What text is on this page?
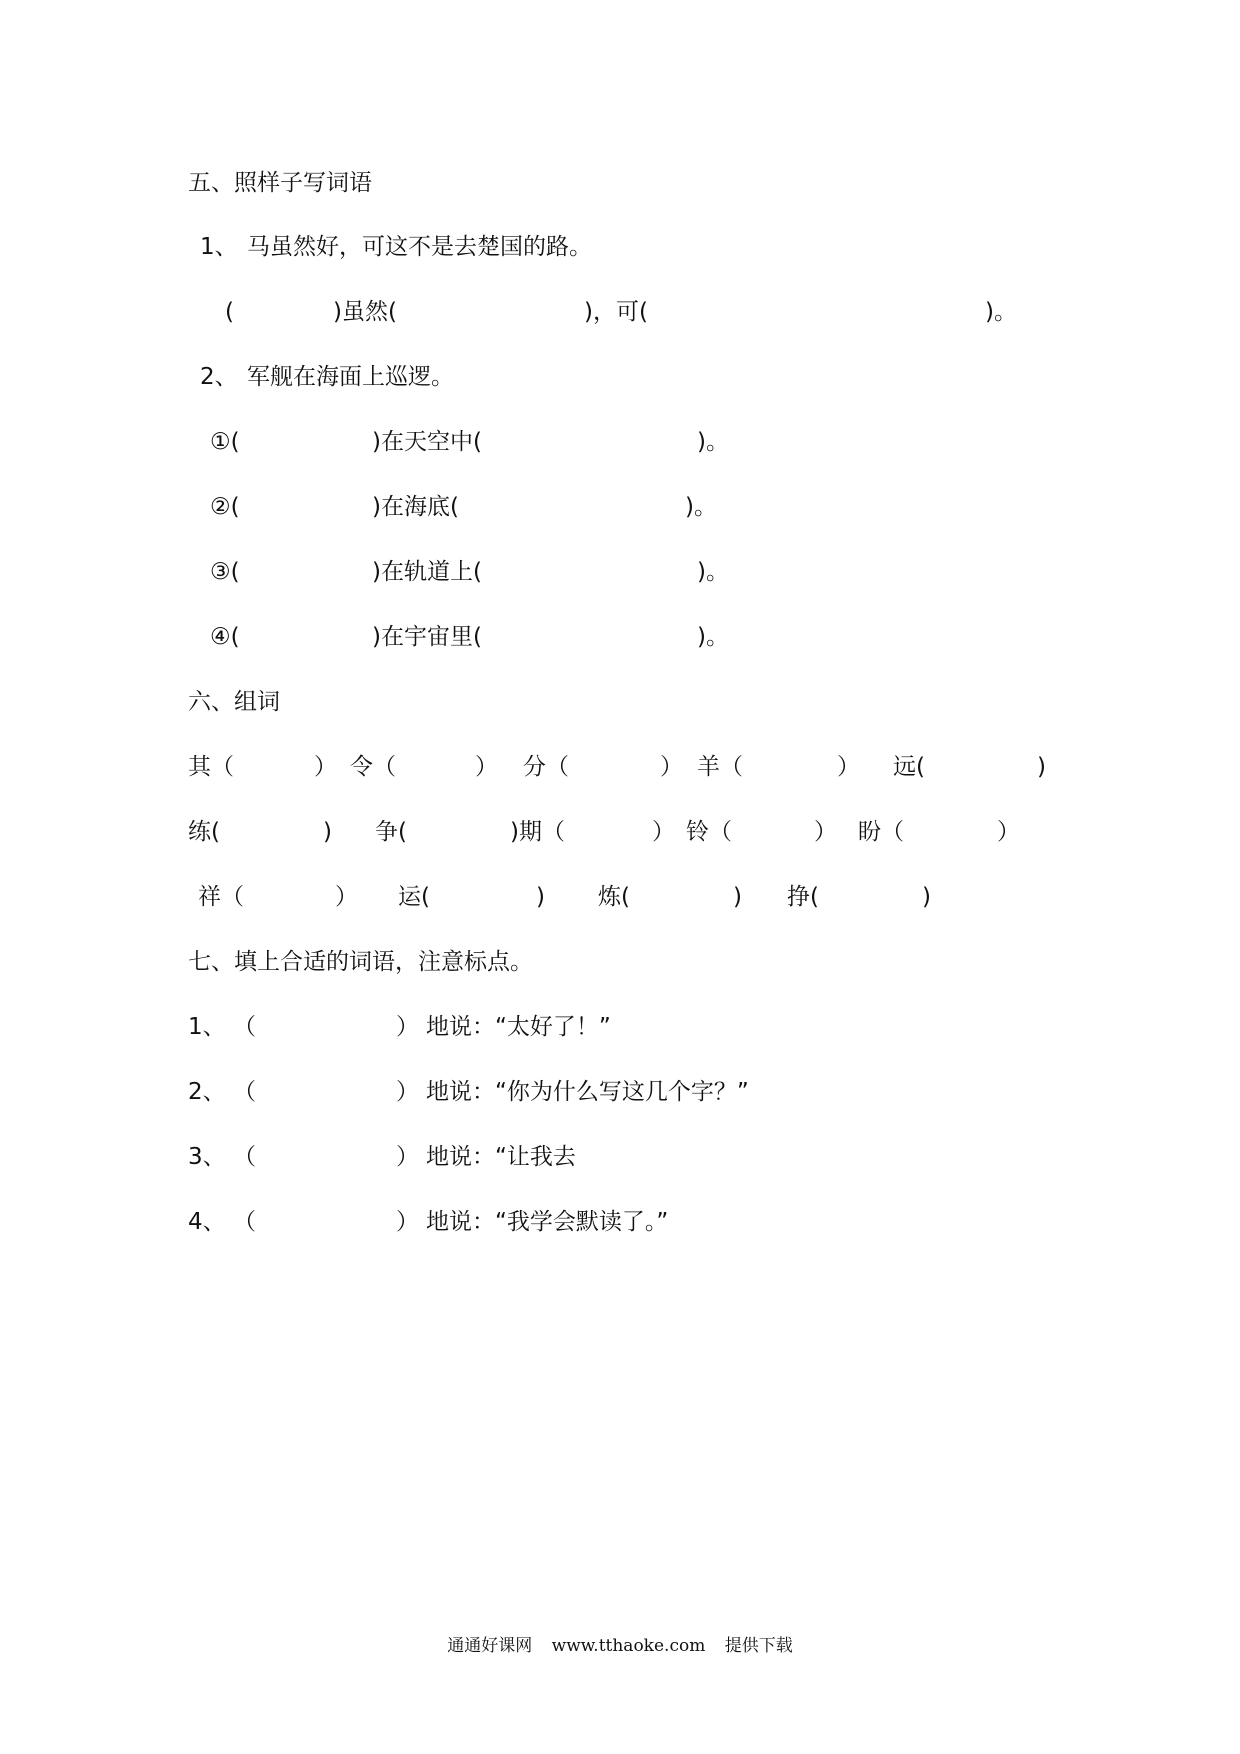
五、照样子写词语
1、 马虽然好，可这不是去楚国的路。
(	)虽然(	)，可(	)。
2、 军舰在海面上巡逻。
①(	)在天空中(	)。
②(	)在海底(	)。
③(	)在轨道上(	)。
④(	)在宇宙里(	)。
六、组词
其（	） 令（	） 分（	） 羊（	） 远(	)
练(	) 争(	)期（	） 铃（	） 盼（	）
祥（	） 运(	) 炼(	) 挣(	)
七、填上合适的词语，注意标点。
1、 （	） 地说：“太好了！”
2、 （	） 地说：“你为什么写这几个字？”
3、 （	） 地说：“让我去
4、 （	） 地说：“我学会默读了。”
通通好课网 www.tthaoke.com 提供下载
